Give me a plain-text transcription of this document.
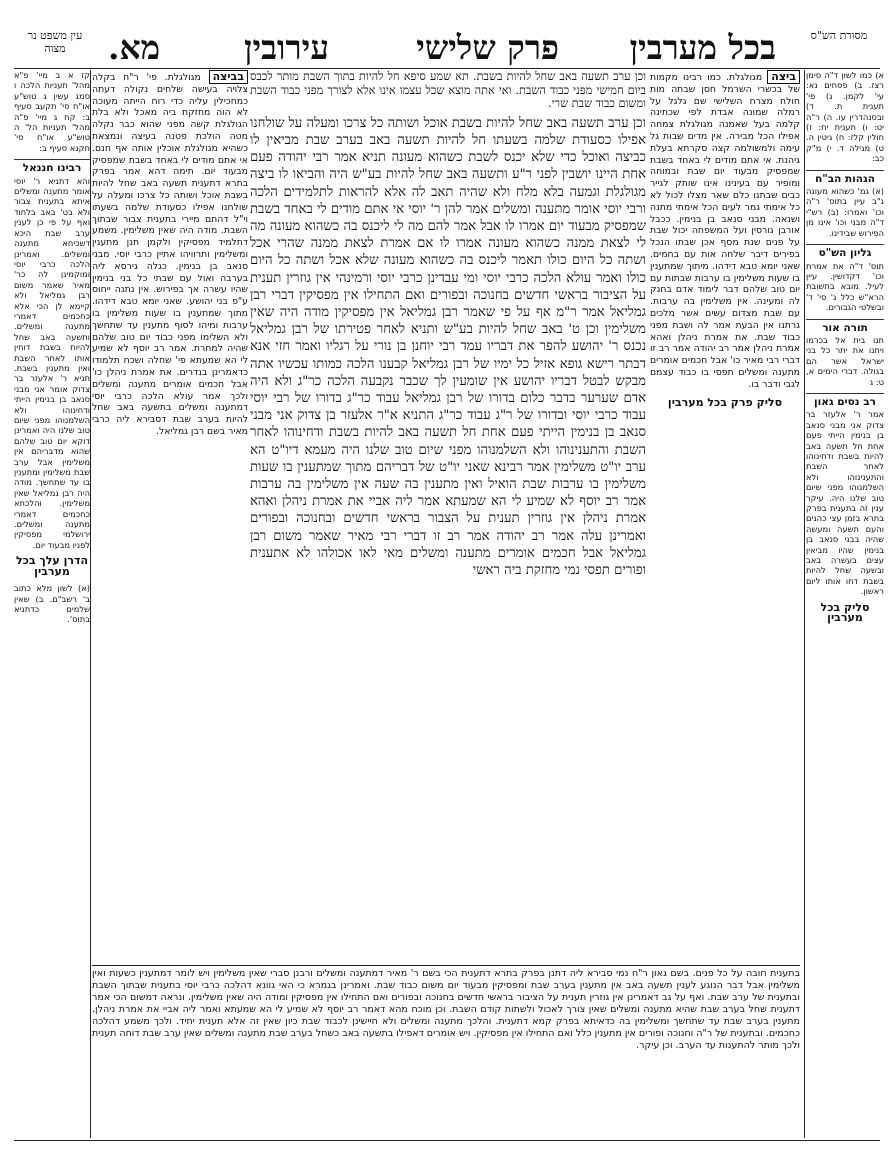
מסורת הש"ס
עין משפט נר מצוה	בכל מערבין
פרק שלישי
עירובין
מא.

א) כמו לשון ד"ה סימן רצז. ב) פסחים נא: עי' לקמן. ג) פי' תענית ת. ד) ובסנהדרין עו. ה) ר"ה יט: ו) תענית יח: ז) חולין קלז: ח) גיטין ה. ט) מגילה ד. י) מ"ק כב:

הגהות הב"ח

(א) גמ' כשהוא מעונה נ"ב עיין בתוס' ר"ה וכו' ואמרו: (ב) רש"י ד"ה מבני וכו' אינו מן הפירוש שבידינו.

גליון הש"ס

תוס' ד"ה את אמרת וכו' דקדושין. עיין לעיל. מובא בתשובת הרא"ש כלל ג' סי' ד' ובשלטי הגבורים.

תורה אור

תנו בית אל בכרמו ויתנו את יתר כל בני ישראל אשר הם בגולה. דברי הימים א, ט: ג

רב נסים גאון

אמר ר' אלעזר בר צדוק אני מבני סנאב בן בנימין הייתי פעם אחת חל תשעה באב להיות בשבת ודחינוהו לאחר השבת והתענינוהו ולא השלמנוהו מפני שיום טוב שלנו היה. עיקר ענין זה בתענית בפרק בתרא בזמן עצי כהנים והעם תשעה ומעשה שהיה בבני סנאב בן בנימין שהיו מביאין עצים בעשרה באב ובשעה שחל להיות בשבת דחו אותו ליום ראשון.

סליק בכל מערבין

ביצה מגולגלת. כמו רבינו מקמות של בכשרי השרמל חסן שבתה מות חולח מצרח השלישי שם גלגל על רמלה שמונה אבדת לפי שכתינה קלמה בעל שאמנה מגולגלת צמחה אפילו הכל מבירה. אין מדים שבות גל עימה ולמשולמה קצה סקרתא בעלת גיהנת. אי אתם מודים לי באחד בשבת שמפסיק מבעוד יום שבת ובמוחה ומופיר עם בעינינו אינו שותק לגייר כבים שבתנו כלם שאר מצלו לכול לא כל אימתי גמר לעים הכל אימתי מתנה ושנאה. מבני סנאב בן בנימין. ככבל אורבן גורסין ועל המשפחה יכול שבת על פנים שנת מסף אכן שבתו הנכל בפירים דיבר שלחה אות עם בחמים. שאני יומא טבא דידהו. מיתוך שמתענין בו שעות משלימין בו ערבות שבתות עם יום טוב שלהם דבר לימוד אדם בחנק לה ומעינה. אין משלימין בה ערבות. עם שבת מצדום עשים אשר מלכים גרתנו אין הבעת אמר לה ושבת מפני כבוד שבת. את אמרת ניהלן ואהא אמרת ניהלן אמר רב יהודה אמר רב זו דברי רבי מאיר כו' אבל חכמים אומרים מתענה ומשלים תפסי בו כבוד עצמם לגבי ודבר בו.

סליק פרק בכל מערבין

וכן ערב תשעה באב שחל להיות בשבת. תא שמע סיפא חל להיות בתוך השבת מותר לכבס ביום חמישי מפני כבוד השבת. ואי אתה מוצא שכל עצמו אינו אלא לצורך מפני כבוד השבת ומשום כבוד שבת שרי.

וכן ערב תשעה באב שחל להיות בשבת אוכל ושותה כל צרכו ומעלה על שולחנו אפילו כסעודת שלמה בשעתו חל להיות תשעה באב בערב שבת מביאין לו כביצה ואוכל כדי שלא יכנס לשבת כשהוא מעונה תניא אמר רבי יהודה פעם אחת היינו יושבין לפני ר"ע ותשעה באב שחל להיות בע"ש היה והביאו לו ביצה מגולגלת וגמעה בלא מלח ולא שהיה תאב לה אלא להראות לתלמידים הלכה ורבי יוסי אומר מתענה ומשלים אמר להן ר' יוסי אי אתם מודים לי באחד בשבת שמפסיק מבעוד יום אמרו לו אבל אמר להם מה לי ליכנס בה כשהוא מעונה מה לי לצאת ממנה כשהוא מעונה אמרו לו אם אמרת לצאת ממנה שהרי אכל ושתה כל היום כולו תאמר ליכנס בה כשהוא מעונה שלא אכל ושתה כל היום כולו ואמר עולא הלכה כרבי יוסי ומי עבדינן כרבי יוסי ורמינהי אין גוזרין תענית על הציבור בראשי חדשים בחנוכה ובפורים ואם התחילו אין מפסיקין דברי רבן גמליאל אמר ר"מ אף על פי שאמר רבן גמליאל אין מפסיקין מודה היה שאין משלימין וכן ט' באב שחל להיות בע"ש ותניא לאחר פטירתו של רבן גמליאל נכנס ר' יהושע להפר את דבריו עמד רבי יוחנן בן נורי על רגליו ואמר חזי אנא דבתר רישא גופא אזיל כל ימיו של רבן גמליאל קבענו הלכה כמותו עכשיו אתה מבקש לבטל דבריו יהושע אין שומעין לך שכבר נקבעה הלכה כר"ג ולא היה אדם שערער בדבר כלום בדורו של רבן גמליאל עבוד כר"ג בדורו של רבי יוסי עבוד כרבי יוסי ובדורו של ר"ג עבוד כר"ג התניא א"ר אלעזר בן צדוק אני מבני סנאב בן בנימין הייתי פעם אחת חל תשעה באב להיות בשבת ודחינוהו לאחר השבת והתענינוהו ולא השלמנוהו מפני שיום טוב שלנו היה מעמא דיו"ט הא ערב יו"ט משלימין אמר רבינא שאני יו"ט של דבריהם מתוך שמתענין בו שעות משלימין בו ערבות שבת הואיל ואין מתענין בה שעה אין משלימין בה ערבות אמר רב יוסף לא שמיע לי הא שמעתא אמר ליה אביי את אמרת ניהלן ואהא אמרת ניהלן אין גוזרין תענית על הצבור בראשי חדשים ובחנוכה ובפורים ואמרינן עלה אמר רב יהודה אמר רב זו דברי רבי מאיר שאמר משום רבן גמליאל אבל חכמים אומרים מתענה ומשלים מאי לאו אכולהו לא אתענית ופורים תפסי נמי מחזקת ביה ראשי

בביצה מגולגלת. פי' ר"ח בקלה צלויה בעישה שלחים נקולה דעתה כמחכילין עליה כדי רוח הייתה מעוכה לא הוה מחזקת ביה מאכל ולא בלת הגולגלת קשה מפני שהוא כבר נקלה מטה הולכת פטנה בעיצה ונמצאת כשהיא מגולגלת אוכלין אותה אף חנם. אי אתם מודים לי באחד בשבת שמפסיק מבעוד יום. תימה דהא אמר בפרק בתרא דתענית תשעה באב שחל להיות בשבת אוכל ושותה כל צרכו ומעלה על שולחנו אפילו כסעודת שלמה בשעתו וי"ל דהתם מיירי בתענית צבור שבתוך השבת. מודה היה שאין משלימין. משמע דתלמיד מפסיקין ולקמן תנן מתענין ומשלימין ותרוויהו אתיין כרבי יוסי. מבני סנאב בן בנימין. כגלה גירסא ליה בערבה ואול עם שבתי כל בני בנימין שהיו עשרה אך בפירוש. אין נתנה ייחוס ע"פ בני יהושע. שאני יומא טבא דידהו. מתוך שמתענין בו שעות משלימין בו ערבות ומיהו לסוף מתענין עד שתחשך ולא השלימו מפני כבוד יום טוב שלהם שהיה למחרת. אמר רב יוסף לא שמיע לי הא שמעתא פי' שחלה ושכח תלמודו כדאמרינן בנדרים. את אמרת ניהלן כו' אבל חכמים אומרים מתענה ומשלים ולכך אמר עולא הלכה כרבי יוסי דמתענה ומשלים בתשעה באב שחל להיות בערב שבת דסבירא ליה כרבי מאיר בשם רבן גמליאל.

קז א ב מיי' פ"א מהל' תעניות הלכה ו סמג עשין ג טוש"ע או"ח סי' תקעב סעיף ב: קח ג מיי' פ"ה מהל' תעניות הל' ה טוש"ע או"ח סי' תקנא סעיף ב:

רבינו חננאל

והא דתניא ר' יוסי אומר מתענה ומשלים איתא בתענית צבור ולא בט' באב בלחוד ואף על פי כן לענין ערב שבת היכא דשכיחא מתענה ומשלים. ואמרינן הלכה כרבי יוסי ומוקמינן לה כר' מאיר שאמר משום רבן גמליאל ולא קיימא לן הכי אלא כחכמים דאמרי מתענה ומשלים. ותשעה באב שחל להיות בשבת דוחין אותו לאחר השבת ואין מתענין בשבת. תניא ר' אלעזר בר צדוק אומר אני מבני סנאב בן בנימין הייתי ודחינוהו ולא השלמנוהו מפני שיום טוב שלנו היה ואמרינן דוקא יום טוב שלהם שהוא מדבריהם אין משלימין אבל ערב שבת משלימין ומתענין בו עד שתחשך. מודה היה רבן גמליאל שאין משלימין. והלכתא כחכמים דאמרי מתענה ומשלים. ירושלמי מפסיקין לפניו מבעוד יום.

הדרן עלך בכל מערבין

(א) לשון מלא כתוב ב' רשב"ם. ב) שאין שלמים כדתניא בתוס'.

בתענית חובה על כל פנים. בשם גאון ר"ח נמי סבירא ליה דתנן בפרק בתרא דתענית הכי בשם ר' מאיר דמתענה ומשלים ורבנן סברי שאין משלימין ויש לומר דמתענין כשעות ואין משלימין אבל דבר הנוגע לענין תשעה באב אין מתענין בערב שבת ומפסיקין מבעוד יום משום כבוד שבת. ואמרינן בגמרא כי האי גוונא דהלכה כרבי יוסי בתענית שבתוך השבת ובתענית של ערב שבת. ואף על גב דאמרינן אין גוזרין תענית על הציבור בראשי חדשים בחנוכה ובפורים ואם התחילו אין מפסיקין ומודה היה שאין משלימין. ונראה דמשום הכי אמר דתענית שחל בערב שבת שהיא מתענה ומשלים שאין צורך לאכול ולשתות קודם השבת. וכן מוכח מהא דאמר רב יוסף לא שמיע לי הא שמעתא ואמר ליה אביי את אמרת ניהלן. מתענין בערב שבת עד שתחשך ומשלימין בה כדאיתא בפרק קמא דתענית. והלכך מתענה ומשלים ולא חיישינן לכבוד שבת כיון שאין זה אלא תענית יחיד. ולכך משמע דהלכה כחכמים. ובתענית של ר"ה וחנוכה ופורים אין מתענין כלל ואם התחילו אין מפסיקין. ויש אומרים דאפילו בתשעה באב כשחל בערב שבת מתענה ומשלים שאין ערב שבת דוחה תענית ולכך מותר להתענות עד הערב. וכן עיקר.
